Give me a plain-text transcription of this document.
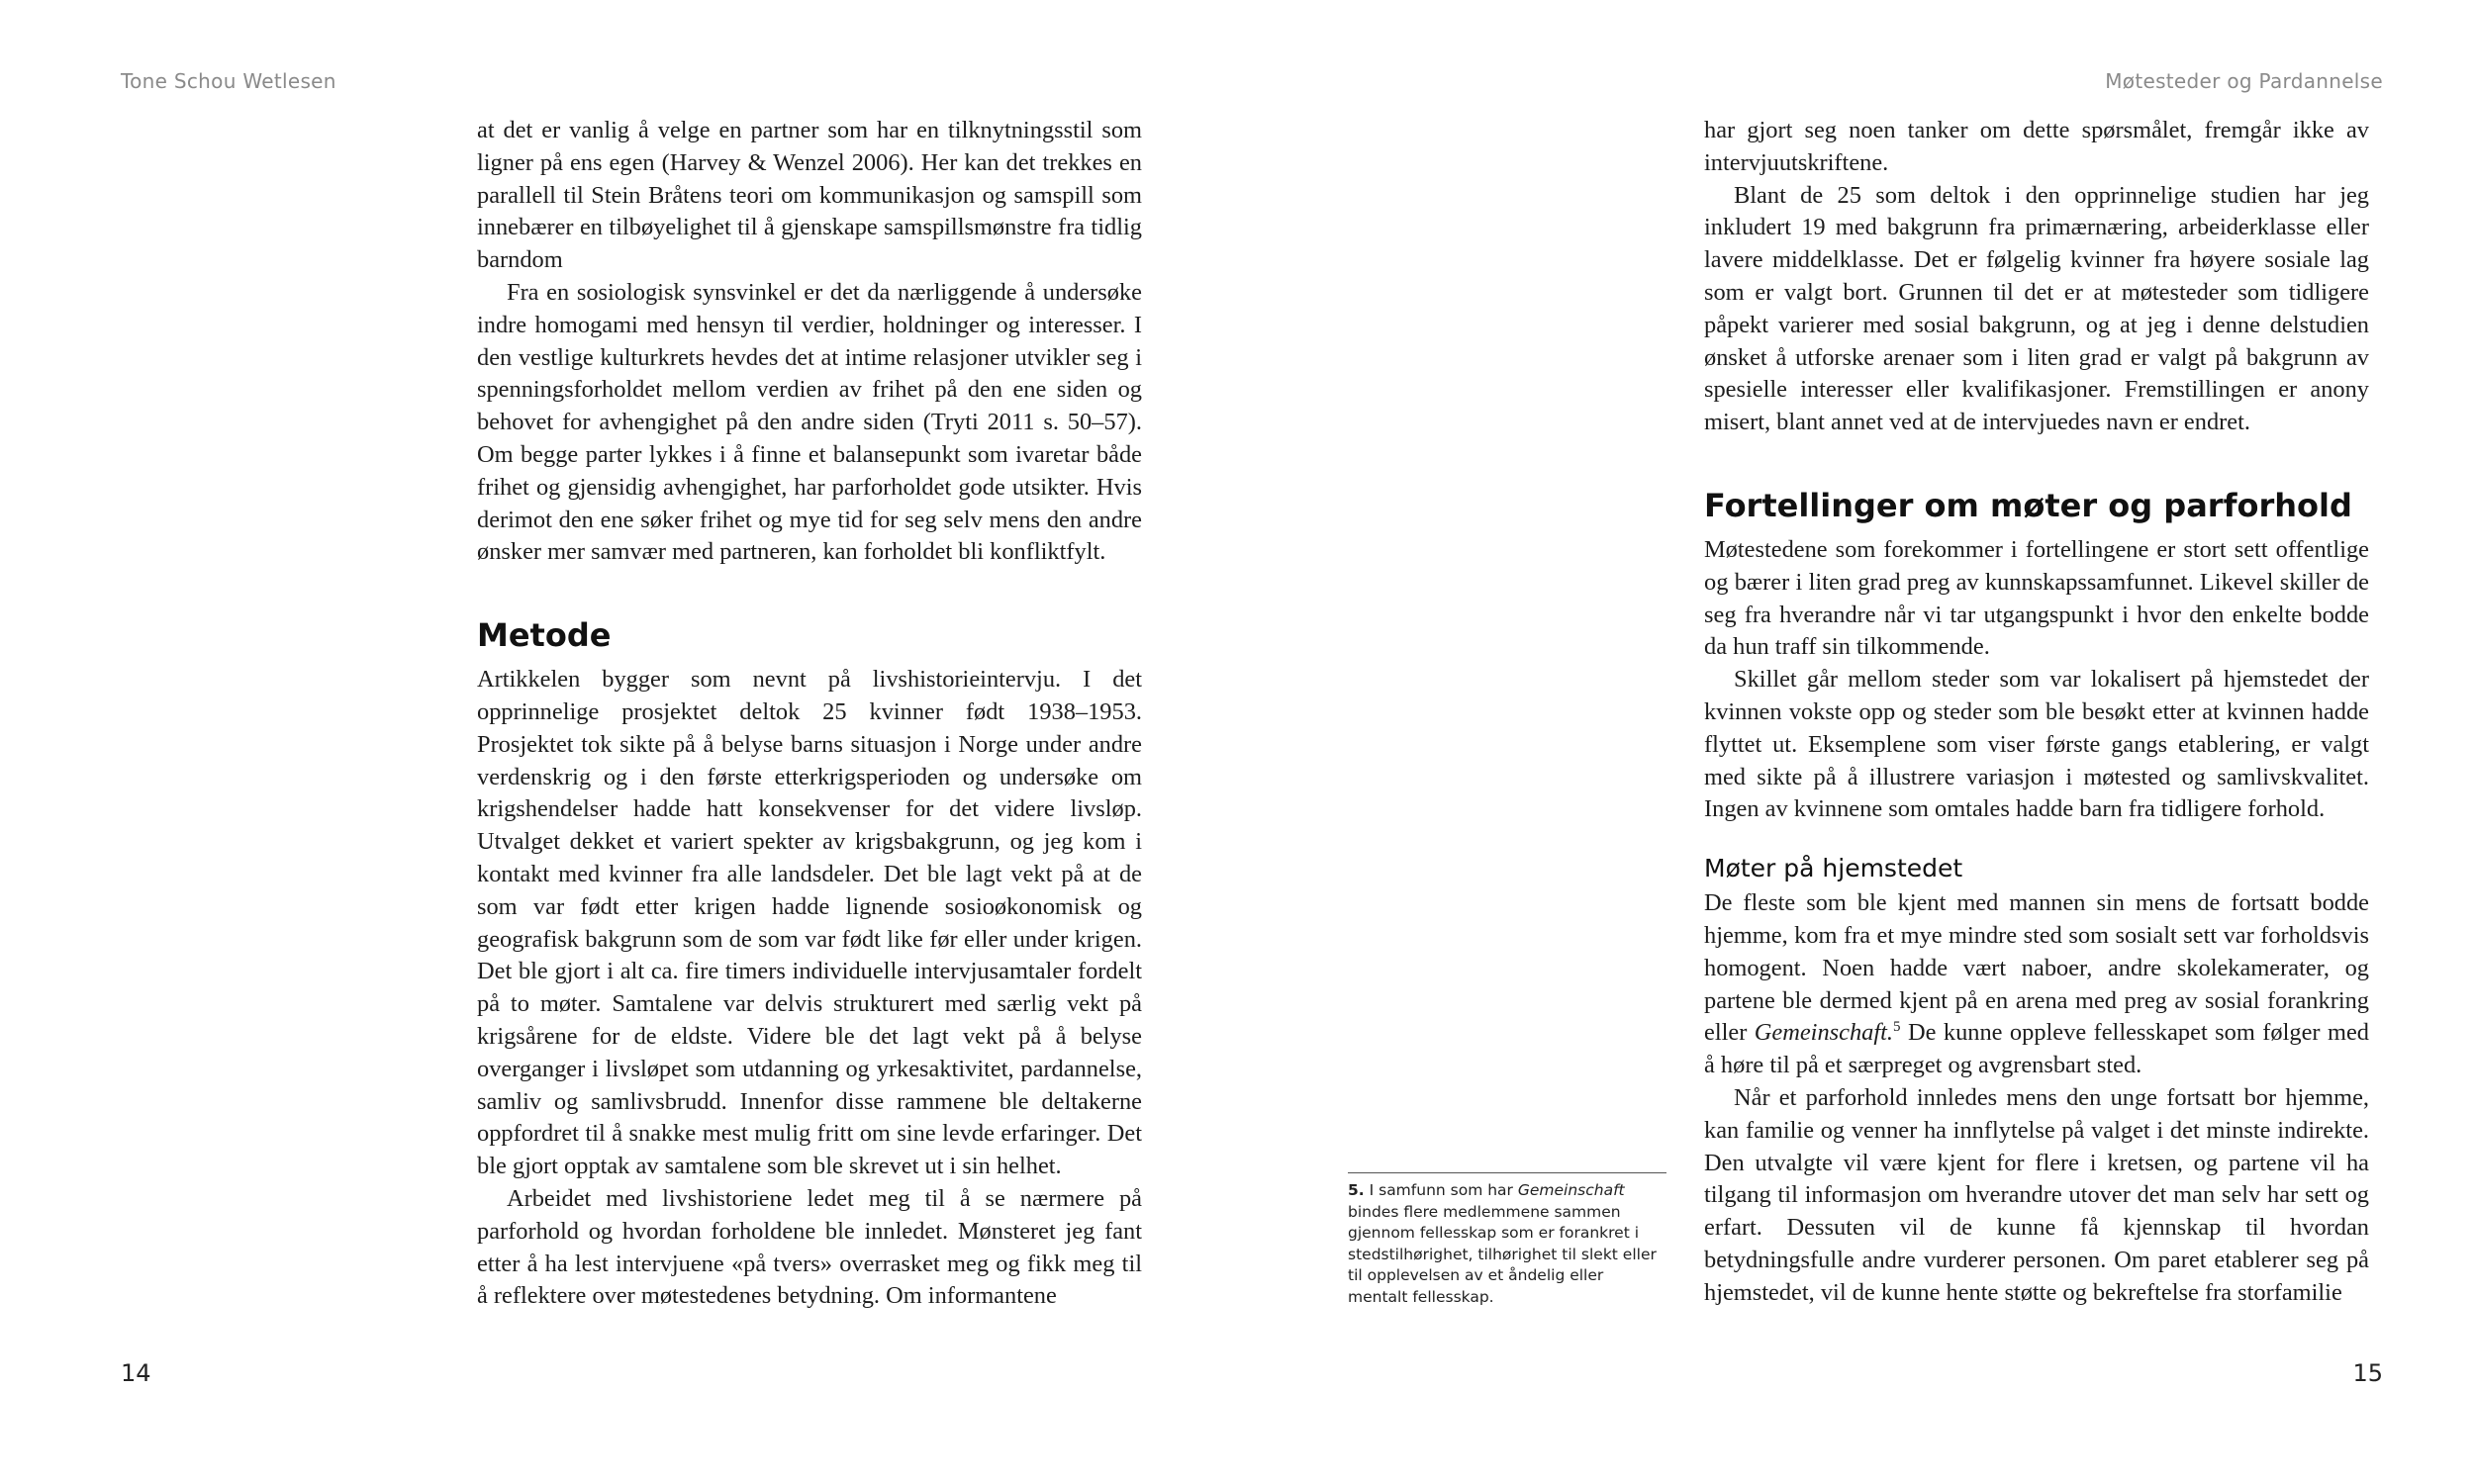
Tone Schou Wetlesen

at det er vanlig å velge en partner som har en tilknytningsstil som ligner på ens egen (Harvey & Wenzel 2006). Her kan det trekkes en parallell til Stein Bråtens teori om kommunikasjon og samspill som innebærer en tilbøyelighet til å gjenskape samspillsmønstre fra tidlig barndom

Fra en sosiologisk synsvinkel er det da nærliggende å undersøke indre homogami med hensyn til verdier, holdninger og interesser. I den vestlige kulturkrets hevdes det at intime relasjoner utvikler seg i spenningsforholdet mellom verdien av frihet på den ene siden og behovet for avhengighet på den andre siden (Tryti 2011 s. 50–57). Om begge parter lykkes i å finne et balansepunkt som ivaretar både frihet og gjensidig avhengighet, har parforholdet gode utsikter. Hvis derimot den ene søker frihet og mye tid for seg selv mens den andre ønsker mer samvær med partneren, kan forholdet bli konfliktfylt.

Metode

Artikkelen bygger som nevnt på livshistorieintervju. I det opprinnelige prosjektet deltok 25 kvinner født 1938–1953. Prosjektet tok sikte på å belyse barns situasjon i Norge under andre verdenskrig og i den første etterkrigsperioden og undersøke om krigshendelser hadde hatt konsekvenser for det videre livsløp. Utvalget dekket et variert spekter av krigsbakgrunn, og jeg kom i kontakt med kvinner fra alle landsdeler. Det ble lagt vekt på at de som var født etter krigen hadde lignende sosioøkonomisk og geografisk bakgrunn som de som var født like før eller under krigen. Det ble gjort i alt ca. fire timers individuelle intervjusamtaler fordelt på to møter. Samtalene var delvis strukturert med særlig vekt på krigsårene for de eldste. Videre ble det lagt vekt på å belyse overganger i livsløpet som utdanning og yrkesaktivitet, pardannelse, samliv og samlivsbrudd. Innenfor disse rammene ble deltakerne oppfordret til å snakke mest mulig fritt om sine levde erfaringer. Det ble gjort opptak av samtalene som ble skrevet ut i sin helhet.

Arbeidet med livshistoriene ledet meg til å se nærmere på parforhold og hvordan forholdene ble innledet. Mønsteret jeg fant etter å ha lest intervjuene «på tvers» overrasket meg og fikk meg til å reflektere over møtestedenes betydning. Om informantene

14
Møtesteder og Pardannelse
5. I samfunn som har Gemeinschaft bindes flere medlemmene sammen gjennom fellesskap som er forankret i stedstilhørighet, tilhørighet til slekt eller til opplevelsen av et åndelig eller mentalt fellesskap.

har gjort seg noen tanker om dette spørsmålet, fremgår ikke av intervjuutskriftene.

Blant de 25 som deltok i den opprinnelige studien har jeg inkludert 19 med bakgrunn fra primærnæring, arbeiderklasse eller lavere middelklasse. Det er følgelig kvinner fra høyere sosiale lag som er valgt bort. Grunnen til det er at møtesteder som tidligere påpekt varierer med sosial bakgrunn, og at jeg i denne delstudien ønsket å utforske arenaer som i liten grad er valgt på bakgrunn av spesielle interesser eller kvalifikasjoner. Fremstillingen er anony misert, blant annet ved at de intervjuedes navn er endret.

Fortellinger om møter og parforhold

Møtestedene som forekommer i fortellingene er stort sett offentlige og bærer i liten grad preg av kunnskapssamfunnet. Likevel skiller de seg fra hverandre når vi tar utgangspunkt i hvor den enkelte bodde da hun traff sin tilkommende.

Skillet går mellom steder som var lokalisert på hjemstedet der kvinnen vokste opp og steder som ble besøkt etter at kvinnen hadde flyttet ut. Eksemplene som viser første gangs etablering, er valgt med sikte på å illustrere variasjon i møtested og samlivskvalitet. Ingen av kvinnene som omtales hadde barn fra tidligere forhold.

Møter på hjemstedet

De fleste som ble kjent med mannen sin mens de fortsatt bodde hjemme, kom fra et mye mindre sted som sosialt sett var forholdsvis homogent. Noen hadde vært naboer, andre skolekamerater, og partene ble dermed kjent på en arena med preg av sosial forankring eller Gemeinschaft.$^5$ De kunne oppleve fellesskapet som følger med å høre til på et særpreget og avgrensbart sted.

Når et parforhold innledes mens den unge fortsatt bor hjemme, kan familie og venner ha innflytelse på valget i det minste indirekte. Den utvalgte vil være kjent for flere i kretsen, og partene vil ha tilgang til informasjon om hverandre utover det man selv har sett og erfart. Dessuten vil de kunne få kjennskap til hvordan betydningsfulle andre vurderer personen. Om paret etablerer seg på hjemstedet, vil de kunne hente støtte og bekreftelse fra storfamilie

15
